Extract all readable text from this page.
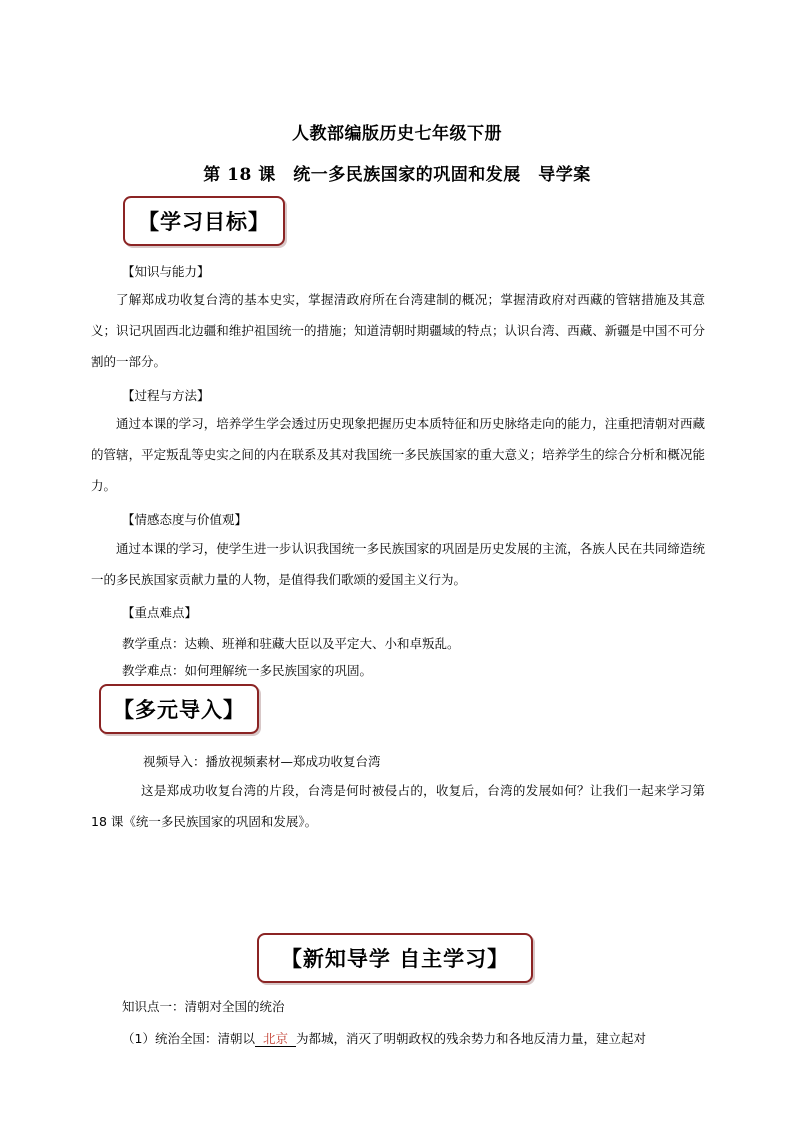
人教部编版历史七年级下册
第 18 课　统一多民族国家的巩固和发展　导学案
【学习目标】
【知识与能力】
了解郑成功收复台湾的基本史实，掌握清政府所在台湾建制的概况；掌握清政府对西藏的管辖措施及其意义；识记巩固西北边疆和维护祖国统一的措施；知道清朝时期疆域的特点；认识台湾、西藏、新疆是中国不可分割的一部分。
【过程与方法】
通过本课的学习，培养学生学会透过历史现象把握历史本质特征和历史脉络走向的能力，注重把清朝对西藏的管辖，平定叛乱等史实之间的内在联系及其对我国统一多民族国家的重大意义；培养学生的综合分析和概况能力。
【情感态度与价值观】
通过本课的学习，使学生进一步认识我国统一多民族国家的巩固是历史发展的主流，各族人民在共同缔造统一的多民族国家贡献力量的人物，是值得我们歌颂的爱国主义行为。
【重点难点】
教学重点：达赖、班禅和驻藏大臣以及平定大、小和卓叛乱。
教学难点：如何理解统一多民族国家的巩固。
【多元导入】
视频导入：播放视频素材—郑成功收复台湾
这是郑成功收复台湾的片段，台湾是何时被侵占的，收复后，台湾的发展如何？让我们一起来学习第 18 课《统一多民族国家的巩固和发展》。
【新知导学 自主学习】
知识点一：清朝对全国的统治
（1）统治全国：清朝以 北京 为都城，消灭了明朝政权的残余势力和各地反清力量，建立起对
